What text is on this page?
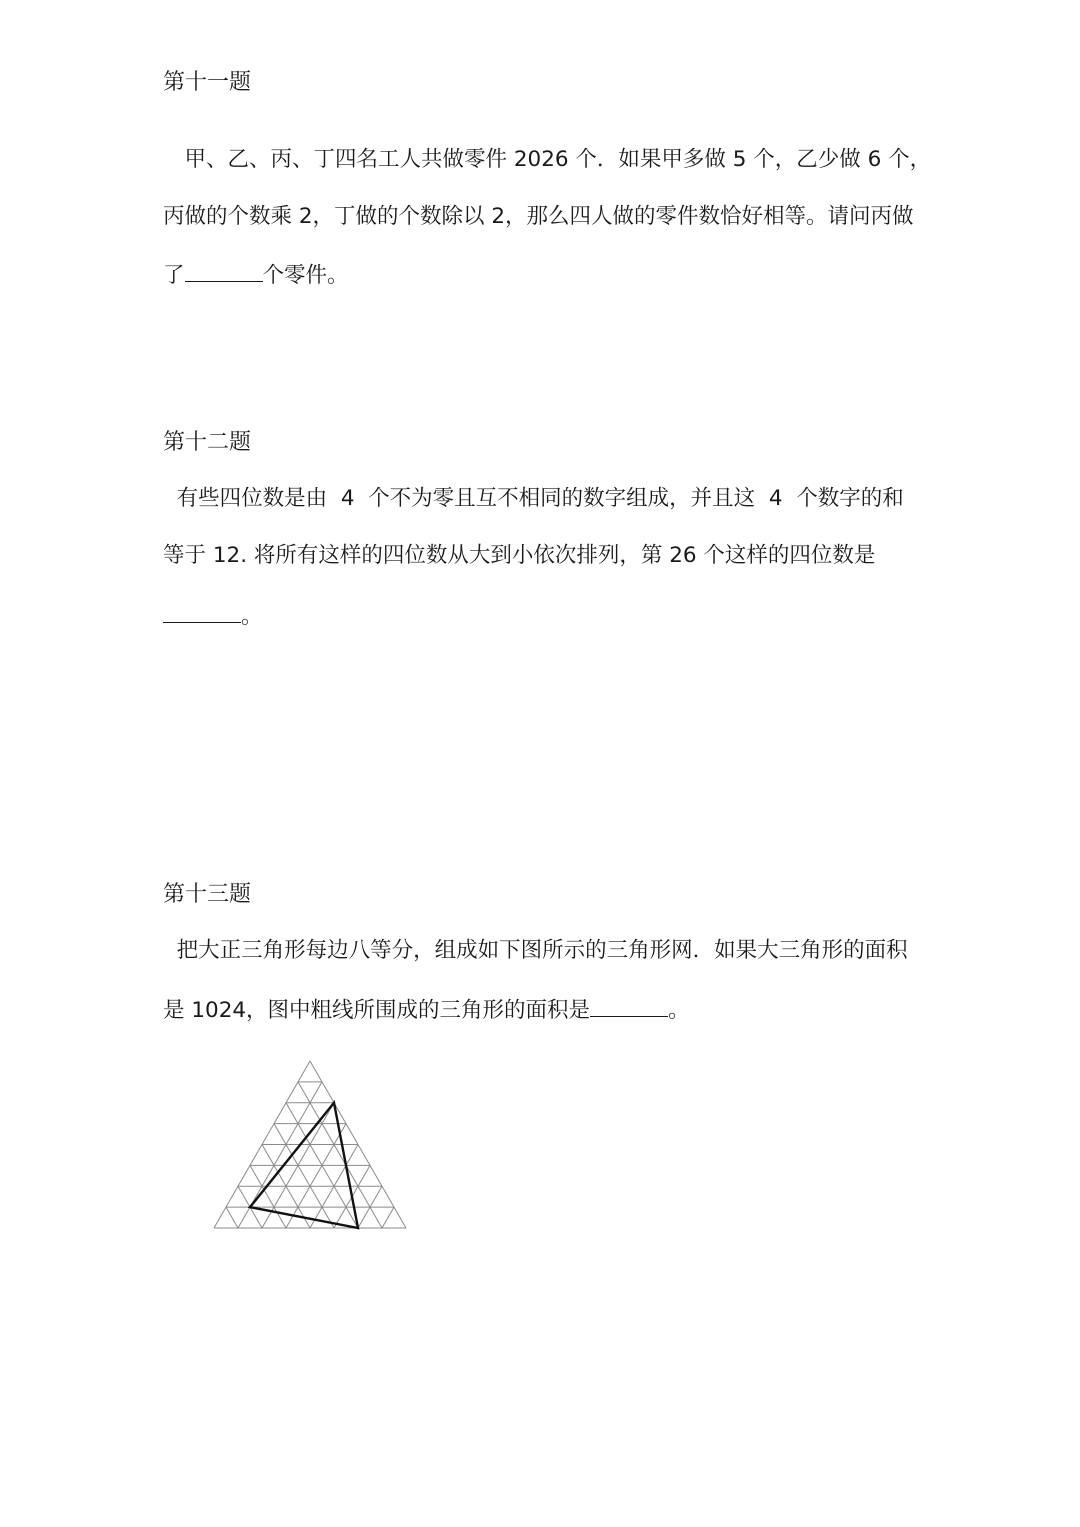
第十一题
　甲、乙、丙、丁四名工人共做零件 2026 个．如果甲多做 5 个，乙少做 6 个，
丙做的个数乘 2，丁做的个数除以 2，那么四人做的零件数恰好相等。请问丙做
了	个零件。
第十二题
有些四位数是由  4  个不为零且互不相同的数字组成，并且这  4  个数字的和
等于 12. 将所有这样的四位数从大到小依次排列，第 26 个这样的四位数是
。
第十三题
把大正三角形每边八等分，组成如下图所示的三角形网．如果大三角形的面积
是 1024，图中粗线所围成的三角形的面积是	。
